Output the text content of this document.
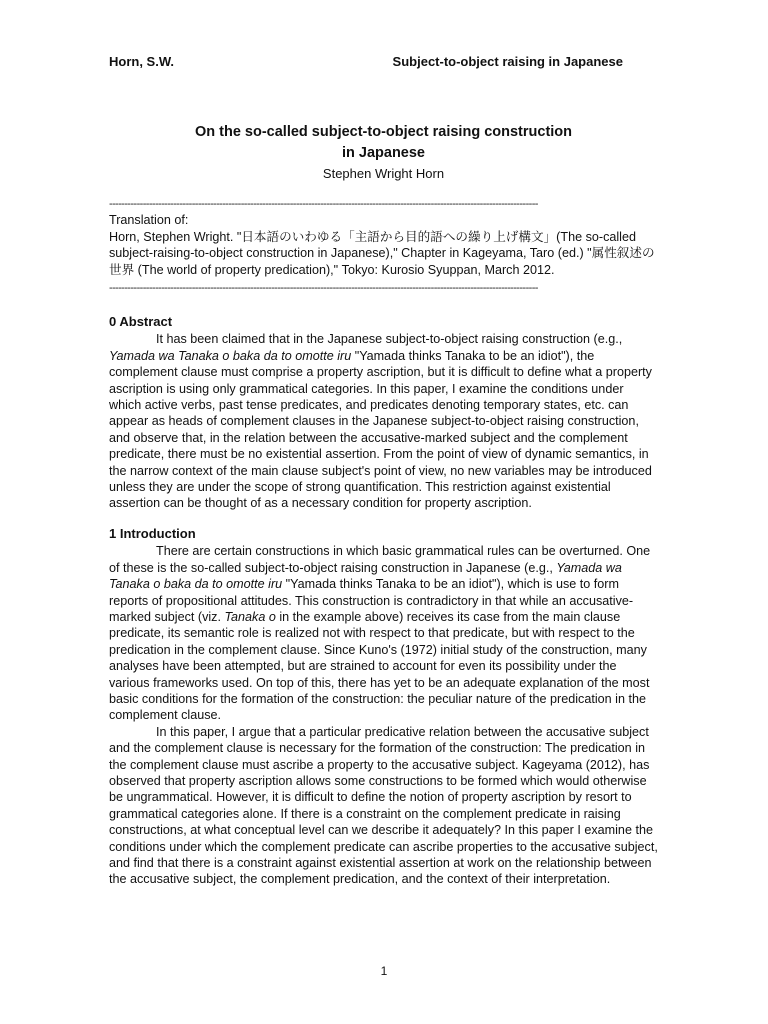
Horn, S.W.	Subject-to-object raising in Japanese

On the so-called subject-to-object raising construction

in Japanese

Stephen Wright Horn
--------------------------------------------------------------------------------------------------------------------------------------------

Translation of:

Horn, Stephen Wright. "日本語のいわゆる「主語から目的語への繰り上げ構文」(The so-called subject-raising-to-object construction in Japanese)," Chapter in Kageyama, Taro (ed.) "属性叙述の世界 (The world of property predication)," Tokyo: Kurosio Syuppan, March 2012.

--------------------------------------------------------------------------------------------------------------------------------------------

0 Abstract

It has been claimed that in the Japanese subject-to-object raising construction (e.g., Yamada wa Tanaka o baka da to omotte iru "Yamada thinks Tanaka to be an idiot"), the complement clause must comprise a property ascription, but it is difficult to define what a property ascription is using only grammatical categories. In this paper, I examine the conditions under which active verbs, past tense predicates, and predicates denoting temporary states, etc. can appear as heads of complement clauses in the Japanese subject-to-object raising construction, and observe that, in the relation between the accusative-marked subject and the complement predicate, there must be no existential assertion. From the point of view of dynamic semantics, in the narrow context of the main clause subject's point of view, no new variables may be introduced unless they are under the scope of strong quantification. This restriction against existential assertion can be thought of as a necessary condition for property ascription.

1 Introduction

There are certain constructions in which basic grammatical rules can be overturned. One of these is the so-called subject-to-object raising construction in Japanese (e.g., Yamada wa Tanaka o baka da to omotte iru "Yamada thinks Tanaka to be an idiot"), which is use to form reports of propositional attitudes. This construction is contradictory in that while an accusative-marked subject (viz. Tanaka o in the example above) receives its case from the main clause predicate, its semantic role is realized not with respect to that predicate, but with respect to the predication in the complement clause. Since Kuno's (1972) initial study of the construction, many analyses have been attempted, but are strained to account for even its possibility under the various frameworks used. On top of this, there has yet to be an adequate explanation of the most basic conditions for the formation of the construction: the peculiar nature of the predication in the complement clause.

In this paper, I argue that a particular predicative relation between the accusative subject and the complement clause is necessary for the formation of the construction: The predication in the complement clause must ascribe a property to the accusative subject. Kageyama (2012), has observed that property ascription allows some constructions to be formed which would otherwise be ungrammatical. However, it is difficult to define the notion of property ascription by resort to grammatical categories alone. If there is a constraint on the complement predicate in raising constructions, at what conceptual level can we describe it adequately? In this paper I examine the conditions under which the complement predicate can ascribe properties to the accusative subject, and find that there is a constraint against existential assertion at work on the relationship between the accusative subject, the complement predication, and the context of their interpretation.

1
